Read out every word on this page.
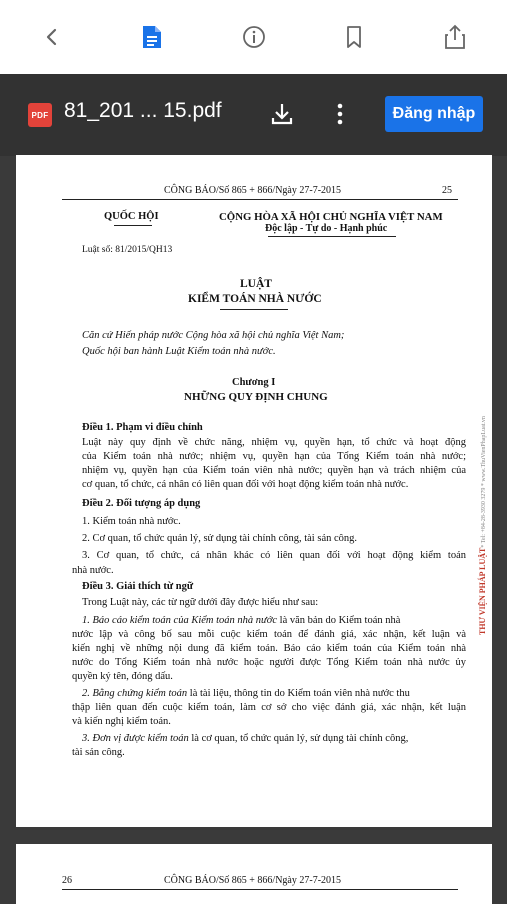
PDF 81_201 ... 15.pdf	Đăng nhập
CÔNG BÁO/Số 865 + 866/Ngày 27-7-2015	25
QUỐC HỘI	CỘNG HÒA XÃ HỘI CHỦ NGHĨA VIỆT NAM
Độc lập - Tự do - Hạnh phúc
Luật số: 81/2015/QH13
LUẬT
KIỂM TOÁN NHÀ NƯỚC
Căn cứ Hiến pháp nước Cộng hòa xã hội chủ nghĩa Việt Nam;
Quốc hội ban hành Luật Kiểm toán nhà nước.
Chương I
NHỮNG QUY ĐỊNH CHUNG
Điều 1. Phạm vi điều chỉnh
Luật này quy định về chức năng, nhiệm vụ, quyền hạn, tổ chức và hoạt động
của Kiểm toán nhà nước; nhiệm vụ, quyền hạn của Tổng Kiểm toán nhà nước;
nhiệm vụ, quyền hạn của Kiểm toán viên nhà nước; quyền hạn và trách nhiệm của
cơ quan, tổ chức, cá nhân có liên quan đối với hoạt động kiểm toán nhà nước.
Điều 2. Đối tượng áp dụng
1. Kiểm toán nhà nước.
2. Cơ quan, tổ chức quản lý, sử dụng tài chính công, tài sản công.
3. Cơ quan, tổ chức, cá nhân khác có liên quan đối với hoạt động kiểm toán
nhà nước.
Điều 3. Giải thích từ ngữ
Trong Luật này, các từ ngữ dưới đây được hiểu như sau:
1. Báo cáo kiểm toán của Kiểm toán nhà nước là văn bản do Kiểm toán nhà
nước lập và công bố sau mỗi cuộc kiểm toán để đánh giá, xác nhận, kết luận và
kiến nghị về những nội dung đã kiểm toán. Báo cáo kiểm toán của Kiểm toán nhà
nước do Tổng Kiểm toán nhà nước hoặc người được Tổng Kiểm toán nhà nước ủy
quyền ký tên, đóng dấu.
2. Bằng chứng kiểm toán là tài liệu, thông tin do Kiểm toán viên nhà nước thu
thập liên quan đến cuộc kiểm toán, làm cơ sở cho việc đánh giá, xác nhận, kết luận
và kiến nghị kiểm toán.
3. Đơn vị được kiểm toán là cơ quan, tổ chức quản lý, sử dụng tài chính công,
tài sản công.
THƯ VIỆN PHÁP LUẬT* Tel: +84-28-3930 3279 * www.ThuVienPhapLuat.vn
26	CÔNG BÁO/Số 865 + 866/Ngày 27-7-2015
